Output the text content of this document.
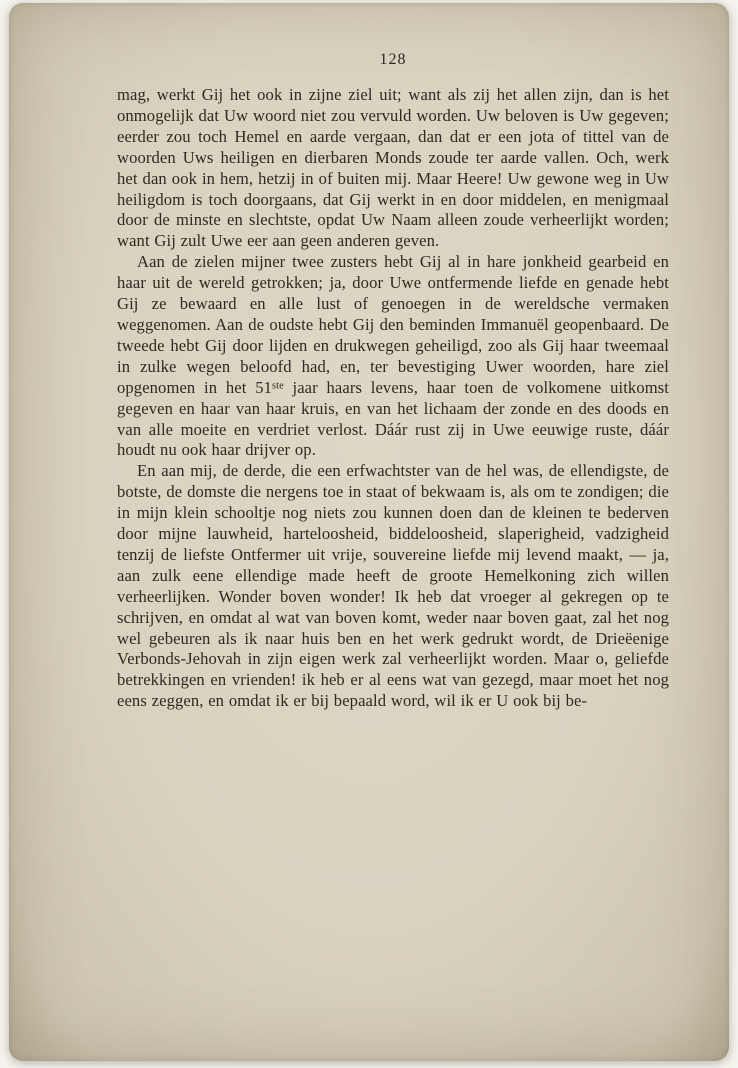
128

mag, werkt Gij het ook in zijne ziel uit; want als zij het allen zijn, dan is het onmogelijk dat Uw woord niet zou vervuld worden. Uw beloven is Uw gegeven; eerder zou toch Hemel en aarde vergaan, dan dat er een jota of tittel van de woorden Uws heiligen en dierbaren Monds zoude ter aarde vallen. Och, werk het dan ook in hem, hetzij in of buiten mij. Maar Heere! Uw gewone weg in Uw heiligdom is toch doorgaans, dat Gij werkt in en door middelen, en menigmaal door de minste en slechtste, opdat Uw Naam alleen zoude verheerlijkt worden; want Gij zult Uwe eer aan geen anderen geven.

Aan de zielen mijner twee zusters hebt Gij al in hare jonkheid gearbeid en haar uit de wereld getrokken; ja, door Uwe ontfermende liefde en genade hebt Gij ze bewaard en alle lust of genoegen in de wereldsche vermaken weggenomen. Aan de oudste hebt Gij den beminden Immanuël geopenbaard. De tweede hebt Gij door lijden en drukwegen geheiligd, zoo als Gij haar tweemaal in zulke wegen beloofd had, en, ter bevestiging Uwer woorden, hare ziel opgenomen in het 51ste jaar haars levens, haar toen de volkomene uitkomst gegeven en haar van haar kruis, en van het lichaam der zonde en des doods en van alle moeite en verdriet verlost. Dáár rust zij in Uwe eeuwige ruste, dáár houdt nu ook haar drijver op.

En aan mij, de derde, die een erfwachtster van de hel was, de ellendigste, de botste, de domste die nergens toe in staat of bekwaam is, als om te zondigen; die in mijn klein schooltje nog niets zou kunnen doen dan de kleinen te bederven door mijne lauwheid, harteloosheid, biddeloosheid, slaperigheid, vadzigheid tenzij de liefste Ontfermer uit vrije, souvereine liefde mij levend maakt, — ja, aan zulk eene ellendige made heeft de groote Hemelkoning zich willen verheerlijken. Wonder boven wonder! Ik heb dat vroeger al gekregen op te schrijven, en omdat al wat van boven komt, weder naar boven gaat, zal het nog wel gebeuren als ik naar huis ben en het werk gedrukt wordt, de Drieëenige Verbonds-Jehovah in zijn eigen werk zal verheerlijkt worden. Maar o, geliefde betrekkingen en vrienden! ik heb er al eens wat van gezegd, maar moet het nog eens zeggen, en omdat ik er bij bepaald word, wil ik er U ook bij be-
